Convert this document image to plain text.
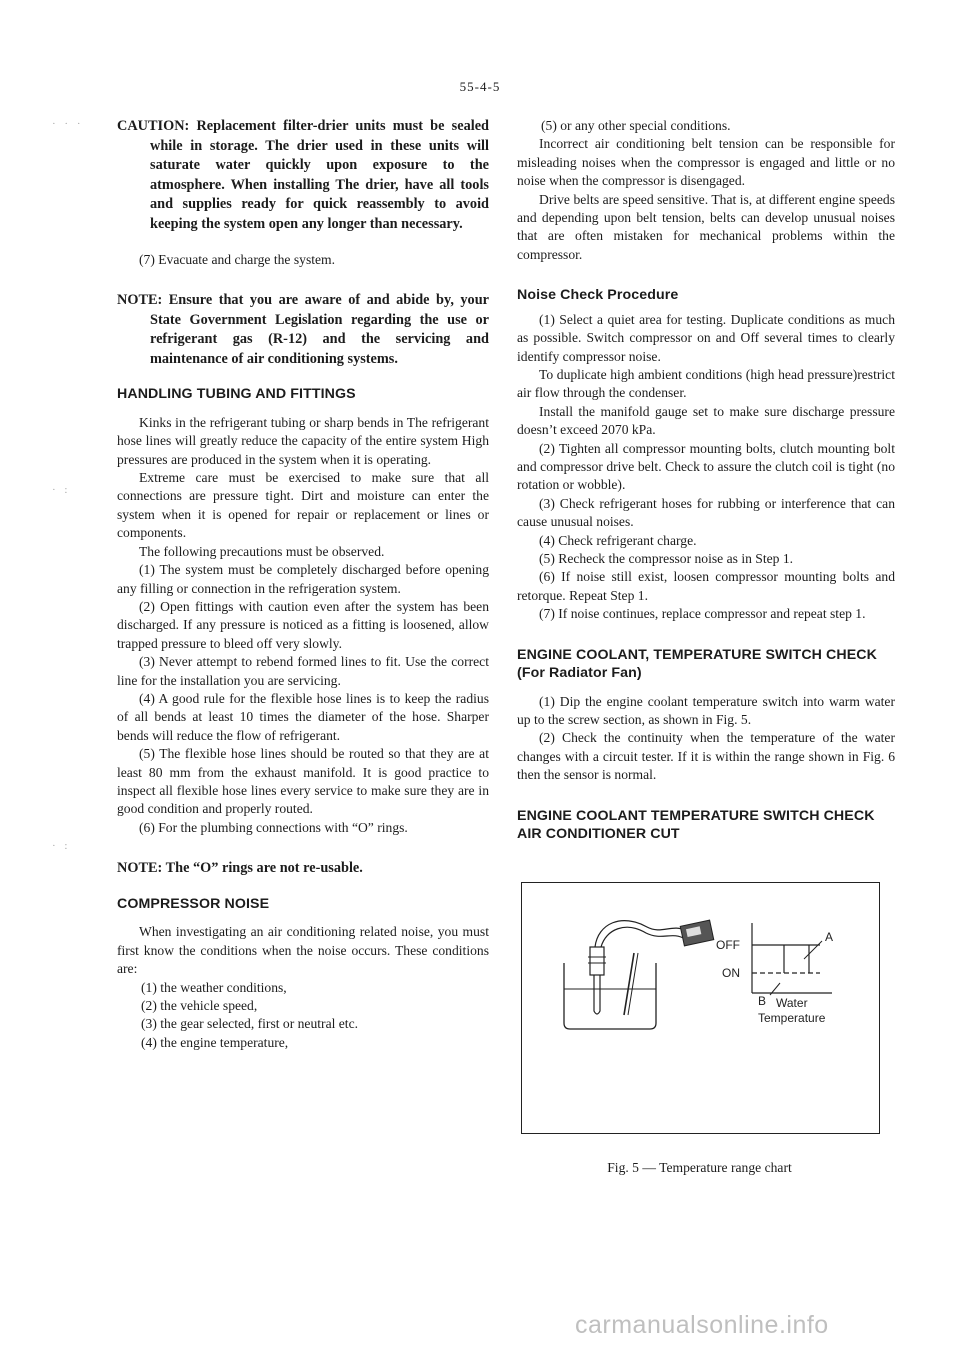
55-4-5

CAUTION: Replacement filter-drier units must be sealed while in storage. The drier used in these units will saturate water quickly upon exposure to the atmosphere. When installing The drier, have all tools and supplies ready for quick reassembly to avoid keeping the system open any longer than necessary.

(7) Evacuate and charge the system.

NOTE: Ensure that you are aware of and abide by, your State Government Legislation regarding the use or refrigerant gas (R-12) and the servicing and maintenance of air conditioning systems.

HANDLING TUBING AND FITTINGS

Kinks in the refrigerant tubing or sharp bends in The refrigerant hose lines will greatly reduce the capacity of the entire system High pressures are produced in the system when it is operating.

Extreme care must be exercised to make sure that all connections are pressure tight. Dirt and moisture can enter the system when it is opened for repair or replacement or lines or components.

The following precautions must be observed.

(1) The system must be completely discharged before opening any filling or connection in the refrigeration system.

(2) Open fittings with caution even after the system has been discharged. If any pressure is noticed as a fitting is loosened, allow trapped pressure to bleed off very slowly.

(3) Never attempt to rebend formed lines to fit. Use the correct line for the installation you are servicing.

(4) A good rule for the flexible hose lines is to keep the radius of all bends at least 10 times the diameter of the hose. Sharper bends will reduce the flow of refrigerant.

(5) The flexible hose lines should be routed so that they are at least 80 mm from the exhaust manifold. It is good practice to inspect all flexible hose lines every service to make sure they are in good condition and properly routed.

(6) For the plumbing connections with “O” rings.

NOTE: The “O” rings are not re-usable.

COMPRESSOR NOISE

When investigating an air conditioning related noise, you must first know the conditions when the noise occurs. These conditions are:

(1) the weather conditions,
(2) the vehicle speed,
(3) the gear selected, first or neutral etc.
(4) the engine temperature,
(5) or any other special conditions.

Incorrect air conditioning belt tension can be responsible for misleading noises when the compressor is engaged and little or no noise when the compressor is disengaged.

Drive belts are speed sensitive. That is, at different engine speeds and depending upon belt tension, belts can develop unusual noises that are often mistaken for mechanical problems within the compressor.

Noise Check Procedure

(1) Select a quiet area for testing. Duplicate conditions as much as possible. Switch compressor on and Off several times to clearly identify compressor noise.

To duplicate high ambient conditions (high head pressure)restrict air flow through the condenser.

Install the manifold gauge set to make sure discharge pressure doesn’t exceed 2070 kPa.

(2) Tighten all compressor mounting bolts, clutch mounting bolt and compressor drive belt. Check to assure the clutch coil is tight (no rotation or wobble).

(3) Check refrigerant hoses for rubbing or interference that can cause unusual noises.

(4) Check refrigerant charge.

(5) Recheck the compressor noise as in Step 1.

(6) If noise still exist, loosen compressor mounting bolts and retorque. Repeat Step 1.

(7) If noise continues, replace compressor and repeat step 1.

ENGINE COOLANT, TEMPERATURE SWITCH CHECK (For Radiator Fan)

(1) Dip the engine coolant temperature switch into warm water up to the screw section, as shown in Fig. 5.

(2) Check the continuity when the temperature of the water changes with a circuit tester. If it is within the range shown in Fig. 6 then the sensor is normal.

ENGINE COOLANT TEMPERATURE SWITCH CHECK AIR CONDITIONER CUT
OFF
ON
A
B Water
Temperature
Fig. 5 — Temperature range chart
· · ·
· :
· :
carmanualsonline.info
